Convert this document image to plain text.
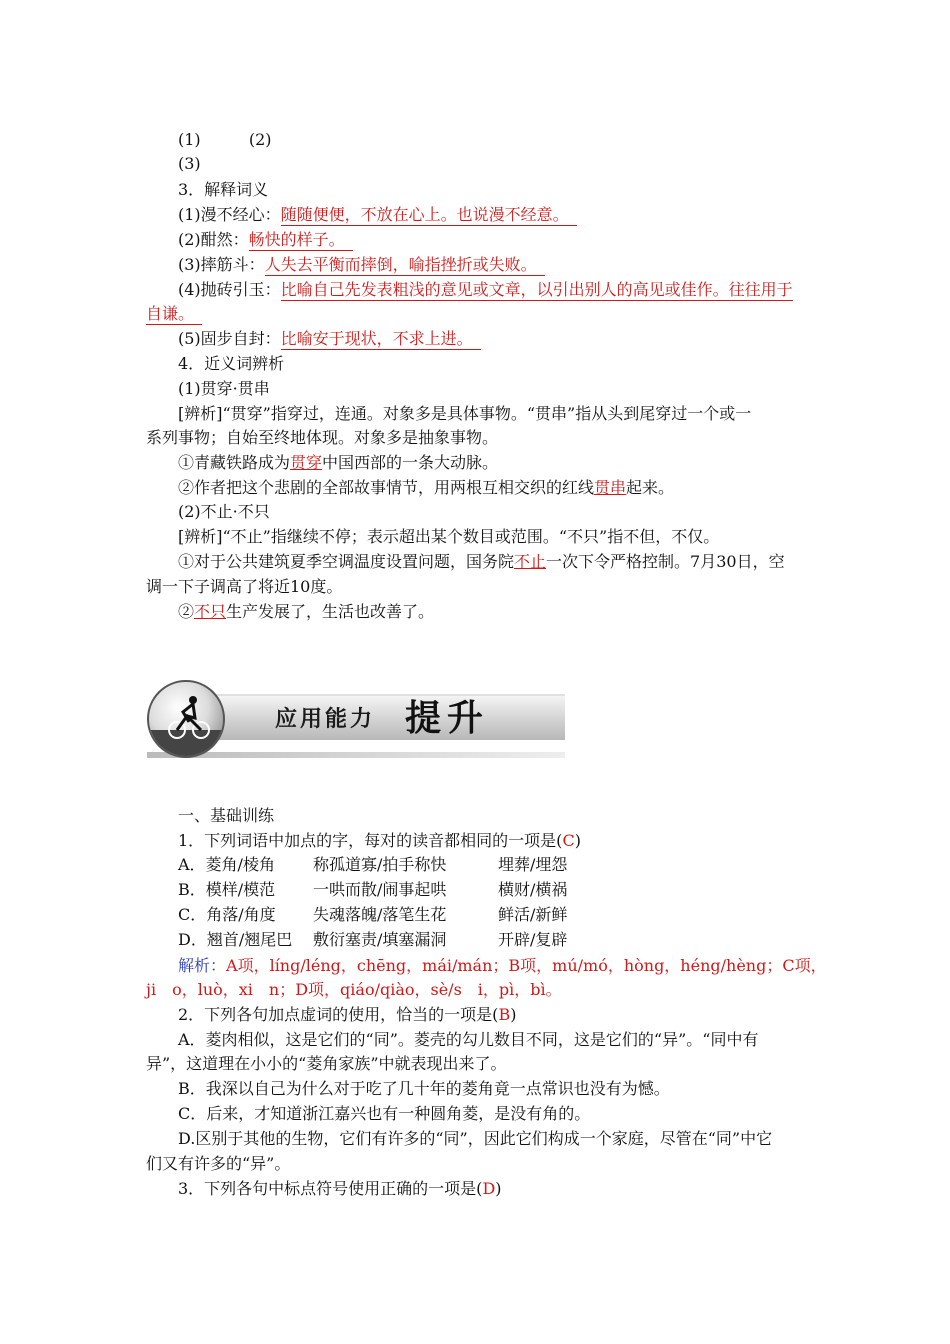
(1)	(2)
(3)
3．解释词义
(1)漫不经心：随随便便，不放在心上。也说漫不经意。　
(2)酣然：畅快的样子。　
(3)摔筋斗：人失去平衡而摔倒，喻指挫折或失败。　
(4)抛砖引玉：比喻自己先发表粗浅的意见或文章，以引出别人的高见或佳作。往往用于
自谦。　
(5)固步自封：比喻安于现状，不求上进。　
4．近义词辨析
(1)贯穿·贯串
[辨析]“贯穿”指穿过，连通。对象多是具体事物。“贯串”指从头到尾穿过一个或一
系列事物；自始至终地体现。对象多是抽象事物。
①青藏铁路成为贯穿中国西部的一条大动脉。
②作者把这个悲剧的全部故事情节，用两根互相交织的红线贯串起来。
(2)不止·不只
[辨析]“不止”指继续不停；表示超出某个数目或范围。“不只”指不但，不仅。
①对于公共建筑夏季空调温度设置问题，国务院不止一次下令严格控制。7月30日，空
调一下子调高了将近10度。
②不只生产发展了，生活也改善了。
应用能力 提升
一、基础训练
1．下列词语中加点的字，每对的读音都相同的一项是(C)
A．菱角/棱角 称孤道寡/拍手称快	埋葬/埋怨
B．模样/模范 一哄而散/闹事起哄	横财/横祸
C．角落/角度 失魂落魄/落笔生花	鲜活/新鲜
D．翘首/翘尾巴 敷衍塞责/填塞漏洞	开辟/复辟
解析：A项，líng/léng，chēng，mái/mán；B项，mú/mó，hòng，héng/hèng；C项，
ji　o，luò，xi　n；D项，qiáo/qiào，sè/s　i，pì，bì。
2．下列各句加点虚词的使用，恰当的一项是(B)
A．菱肉相似，这是它们的“同”。菱壳的勾儿数目不同，这是它们的“异”。“同中有
异”，这道理在小小的“菱角家族”中就表现出来了。
B．我深以自己为什么对于吃了几十年的菱角竟一点常识也没有为憾。
C．后来，才知道浙江嘉兴也有一种圆角菱，是没有角的。
D.区别于其他的生物，它们有许多的“同”，因此它们构成一个家庭，尽管在“同”中它
们又有许多的“异”。
3．下列各句中标点符号使用正确的一项是(D)
